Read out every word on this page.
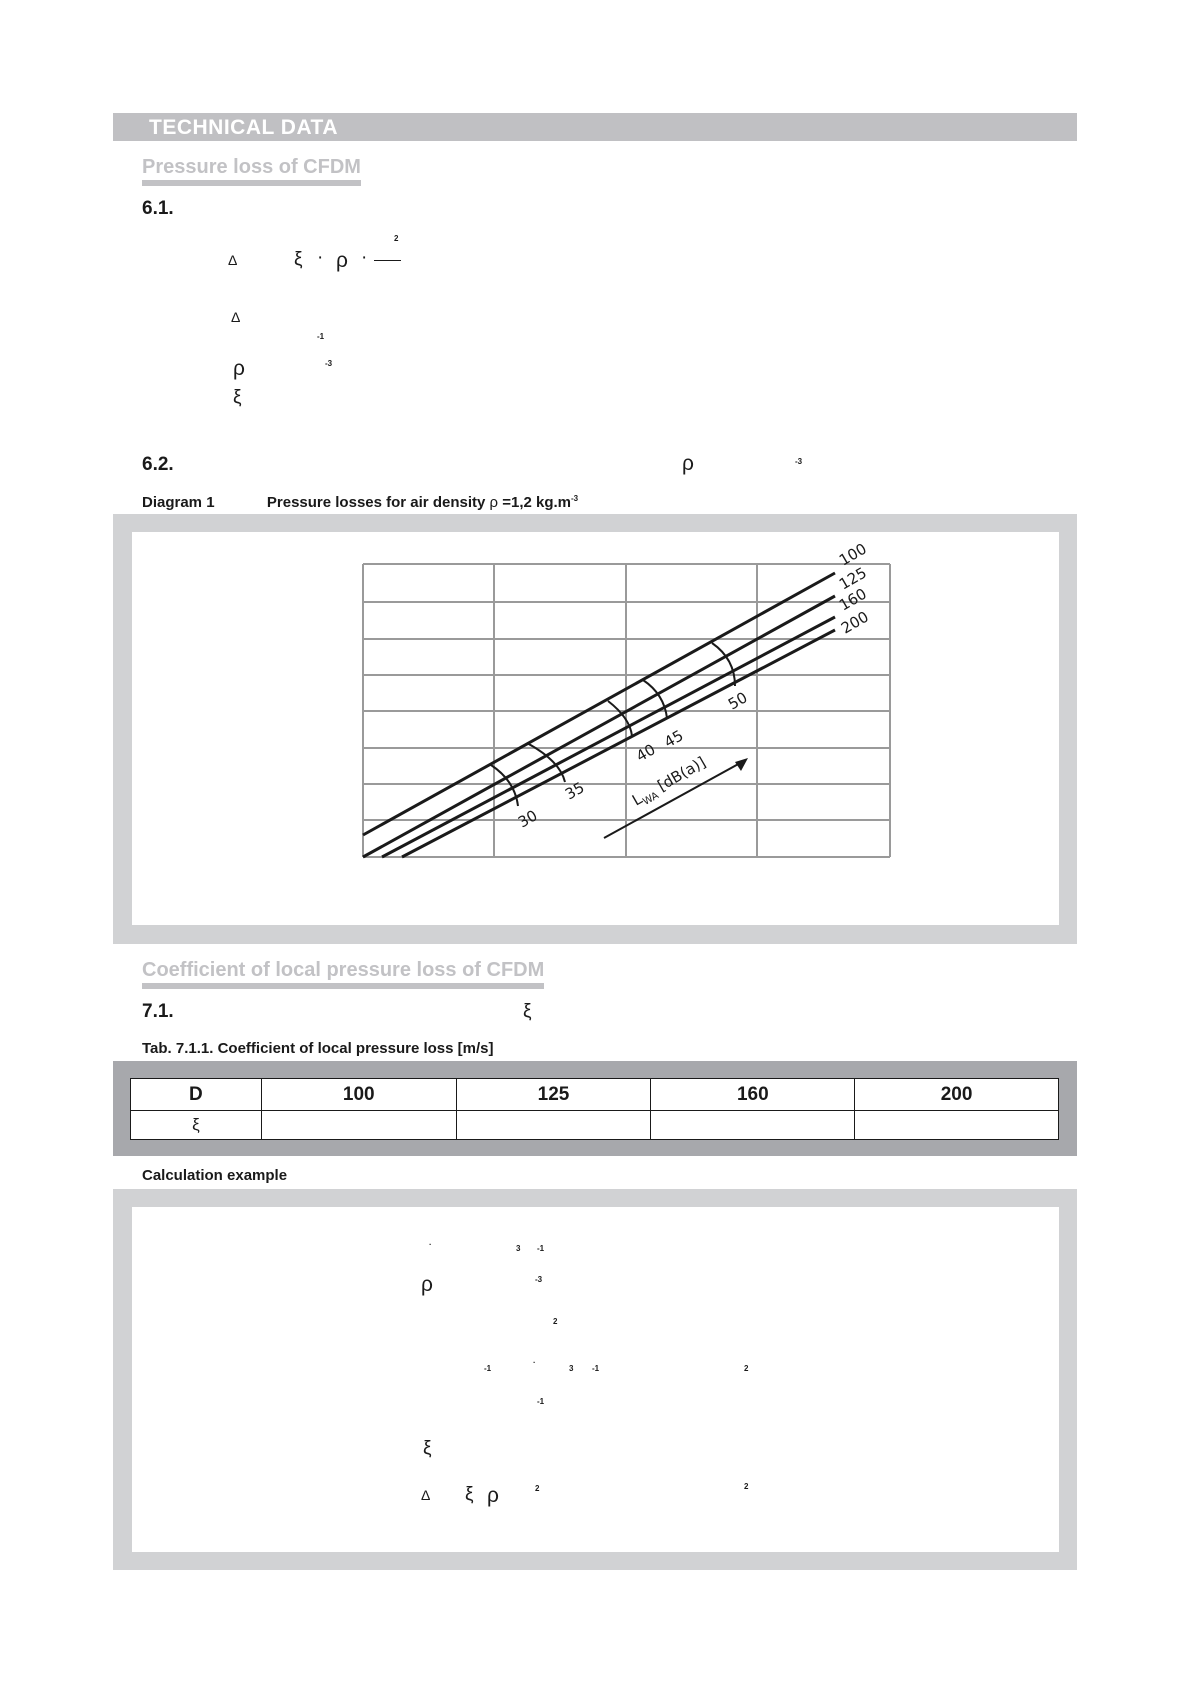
TECHNICAL DATA
Pressure loss of CFDM
6.1.
Δ	ξ · ρ ·
2
Δ
-1
ρ	-3
ξ
6.2.	ρ	-3
Diagram 1	Pressure losses for air density ρ =1,2 $kg.m^{-3}$
100
125
160
200
30
35
40
45
50
$L_{WA}$ [dB(a)]
Coefficient of local pressure loss of CFDM
7.1.	ξ
Tab. 7.1.1. Coefficient of local pressure loss [m/s]
D	100	125	160	200
ξ				
Calculation example
·	3 -1
ρ	-3
2
-1
·
3 -1	2
-1
ξ
Δ ξ ρ	2	2
